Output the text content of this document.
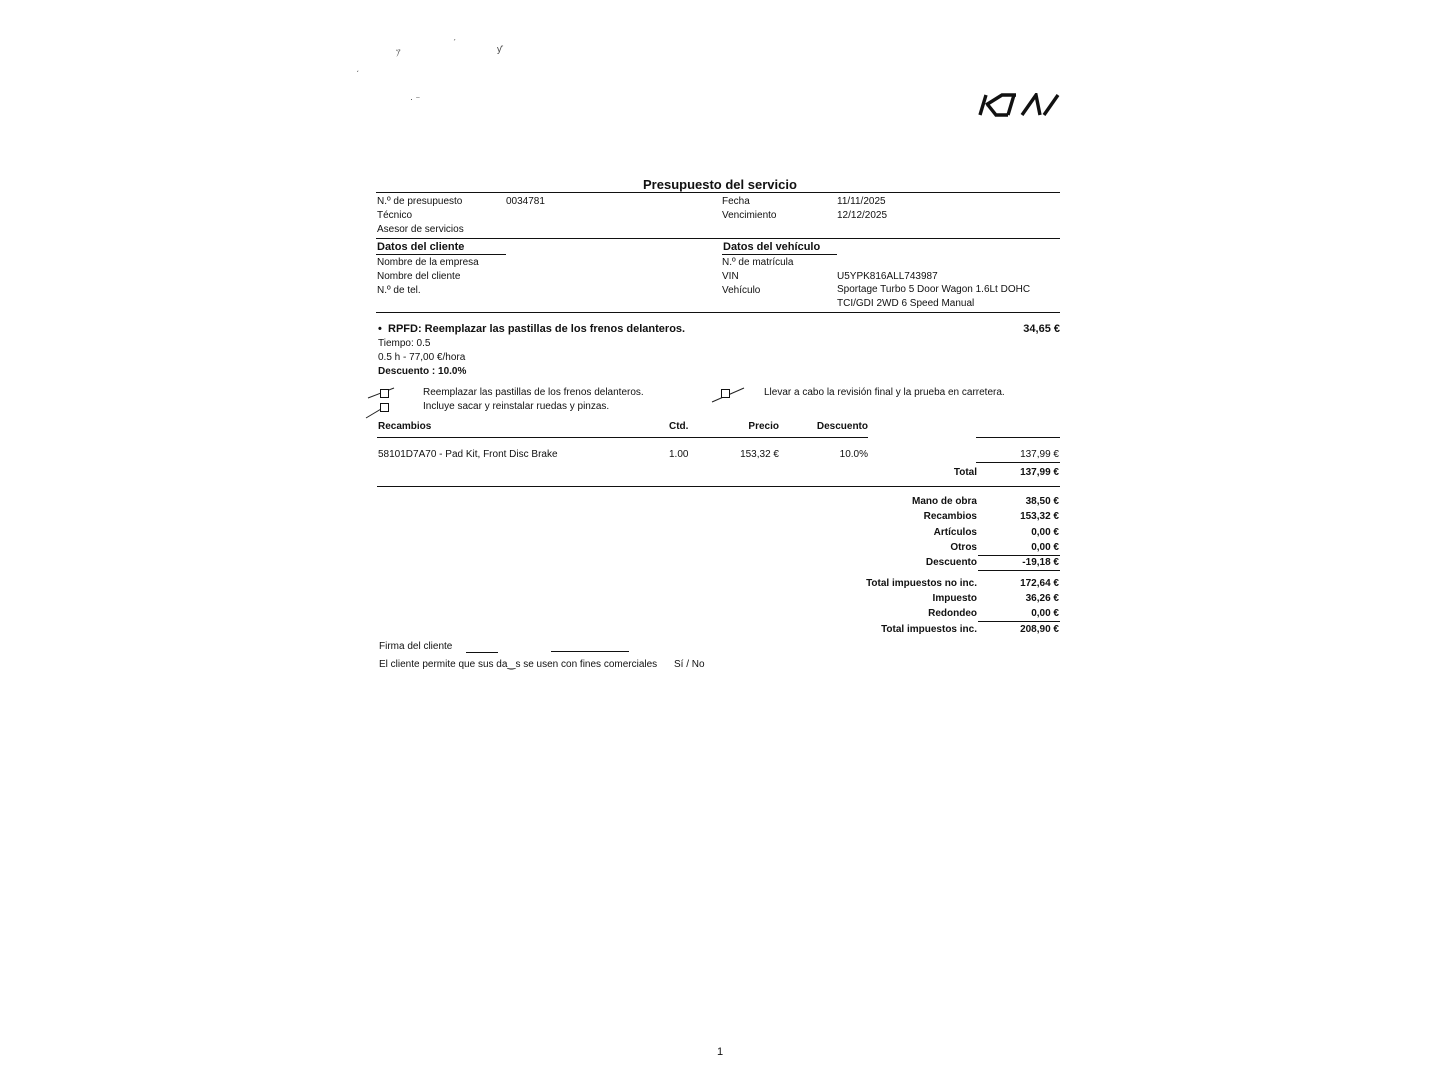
ˏ
ｱ
ˊ
ƴ
· ⁻
Presupuesto del servicio
N.º de presupuesto	0034781
Técnico
Asesor de servicios
Fecha	11/11/2025
Vencimiento	12/12/2025
Datos del cliente
Nombre de la empresa
Nombre del cliente
N.º de tel.
Datos del vehículo
N.º de matrícula
VIN	U5YPK816ALL743987
Vehículo	Sportage Turbo 5 Door Wagon 1.6Lt DOHC
TCI/GDI 2WD 6 Speed Manual
• RPFD: Reemplazar las pastillas de los frenos delanteros.	34,65 €
Tiempo: 0.5
0.5 h - 77,00 €/hora
Descuento : 10.0%
Reemplazar las pastillas de los frenos delanteros.
Incluye sacar y reinstalar ruedas y pinzas.
Llevar a cabo la revisión final y la prueba en carretera.
Recambios	Ctd.	Precio	Descuento
58101D7A70 - Pad Kit, Front Disc Brake	1.00	153,32 €	10.0%	137,99 €
Total	137,99 €
Mano de obra	38,50 €
Recambios	153,32 €
Artículos	0,00 €
Otros	0,00 €
Descuento	-19,18 €
Total impuestos no inc.	172,64 €
Impuesto	36,26 €
Redondeo	0,00 €
Total impuestos inc.	208,90 €
Firma del cliente
El cliente permite que sus da‿s se usen con fines comerciales Sí / No
1
